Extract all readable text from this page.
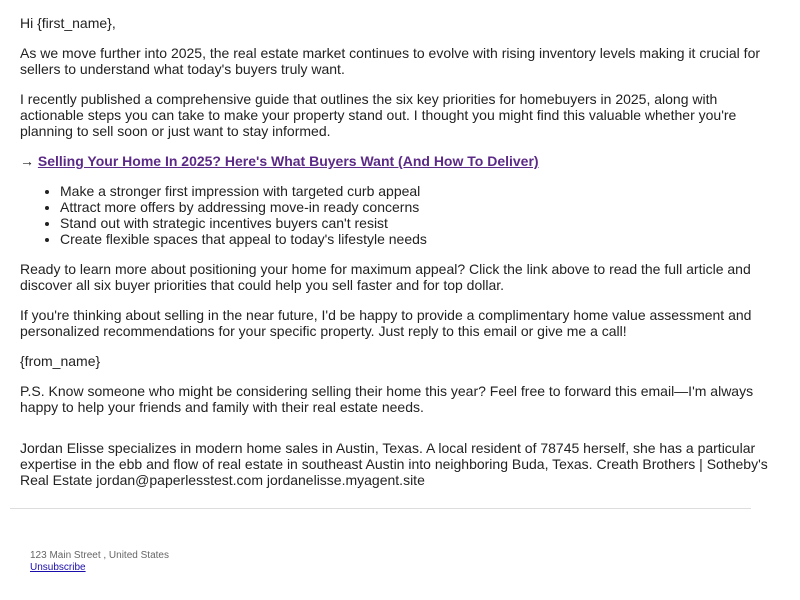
Hi {first_name},

As we move further into 2025, the real estate market continues to evolve with rising inventory levels making it crucial for sellers to understand what today's buyers truly want.

I recently published a comprehensive guide that outlines the six key priorities for homebuyers in 2025, along with actionable steps you can take to make your property stand out. I thought you might find this valuable whether you're planning to sell soon or just want to stay informed.

→ Selling Your Home In 2025? Here's What Buyers Want (And How To Deliver)

• Make a stronger first impression with targeted curb appeal
• Attract more offers by addressing move-in ready concerns
• Stand out with strategic incentives buyers can't resist
• Create flexible spaces that appeal to today's lifestyle needs

Ready to learn more about positioning your home for maximum appeal? Click the link above to read the full article and discover all six buyer priorities that could help you sell faster and for top dollar.

If you're thinking about selling in the near future, I'd be happy to provide a complimentary home value assessment and personalized recommendations for your specific property. Just reply to this email or give me a call!

{from_name}

P.S. Know someone who might be considering selling their home this year? Feel free to forward this email—I'm always happy to help your friends and family with their real estate needs.

Jordan Elisse specializes in modern home sales in Austin, Texas. A local resident of 78745 herself, she has a particular expertise in the ebb and flow of real estate in southeast Austin into neighboring Buda, Texas. Creath Brothers | Sotheby's Real Estate jordan@paperlesstest.com jordanelisse.myagent.site

123 Main Street , United States
Unsubscribe
